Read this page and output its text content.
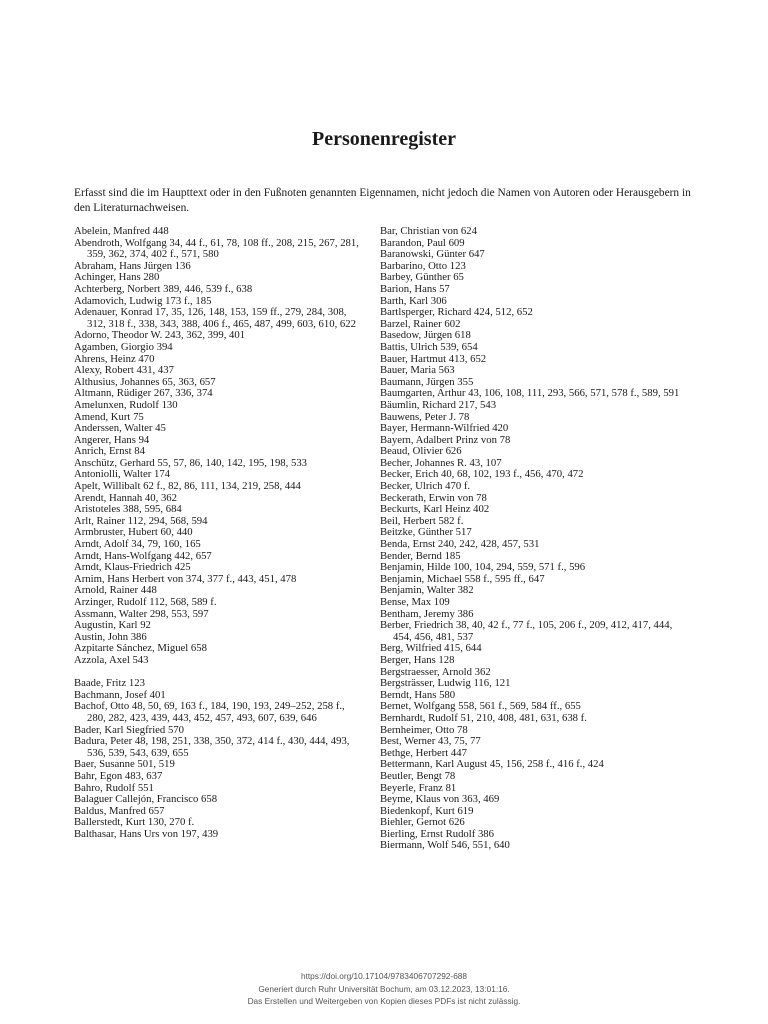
Personenregister

Erfasst sind die im Haupttext oder in den Fußnoten genannten Eigennamen, nicht jedoch die Namen von Autoren oder Herausgebern in den Literaturnachweisen.

Abelein, Manfred 448
Abendroth, Wolfgang 34, 44 f., 61, 78, 108 ff., 208, 215, 267, 281, 359, 362, 374, 402 f., 571, 580
Abraham, Hans Jürgen 136
Achinger, Hans 280
Achterberg, Norbert 389, 446, 539 f., 638
Adamovich, Ludwig 173 f., 185
Adenauer, Konrad 17, 35, 126, 148, 153, 159 ff., 279, 284, 308, 312, 318 f., 338, 343, 388, 406 f., 465, 487, 499, 603, 610, 622
Adorno, Theodor W. 243, 362, 399, 401
Agamben, Giorgio 394
Ahrens, Heinz 470
Alexy, Robert 431, 437
Althusius, Johannes 65, 363, 657
Altmann, Rüdiger 267, 336, 374
Amelunxen, Rudolf 130
Amend, Kurt 75
Anderssen, Walter 45
Angerer, Hans 94
Anrich, Ernst 84
Anschütz, Gerhard 55, 57, 86, 140, 142, 195, 198, 533
Antoniolli, Walter 174
Apelt, Willibalt 62 f., 82, 86, 111, 134, 219, 258, 444
Arendt, Hannah 40, 362
Aristoteles 388, 595, 684
Arlt, Rainer 112, 294, 568, 594
Armbruster, Hubert 60, 440
Arndt, Adolf 34, 79, 160, 165
Arndt, Hans-Wolfgang 442, 657
Arndt, Klaus-Friedrich 425
Arnim, Hans Herbert von 374, 377 f., 443, 451, 478
Arnold, Rainer 448
Arzinger, Rudolf 112, 568, 589 f.
Assmann, Walter 298, 553, 597
Augustin, Karl 92
Austin, John 386
Azpitarte Sánchez, Miguel 658
Azzola, Axel 543
Baade, Fritz 123
Bachmann, Josef 401
Bachof, Otto 48, 50, 69, 163 f., 184, 190, 193, 249–252, 258 f., 280, 282, 423, 439, 443, 452, 457, 493, 607, 639, 646
Bader, Karl Siegfried 570
Badura, Peter 48, 198, 251, 338, 350, 372, 414 f., 430, 444, 493, 536, 539, 543, 639, 655
Baer, Susanne 501, 519
Bahr, Egon 483, 637
Bahro, Rudolf 551
Balaguer Callejón, Francisco 658
Baldus, Manfred 657
Ballerstedt, Kurt 130, 270 f.
Balthasar, Hans Urs von 197, 439
Bar, Christian von 624
Barandon, Paul 609
Baranowski, Günter 647
Barbarino, Otto 123
Barbey, Günther 65
Barion, Hans 57
Barth, Karl 306
Bartlsperger, Richard 424, 512, 652
Barzel, Rainer 602
Basedow, Jürgen 618
Battis, Ulrich 539, 654
Bauer, Hartmut 413, 652
Bauer, Maria 563
Baumann, Jürgen 355
Baumgarten, Arthur 43, 106, 108, 111, 293, 566, 571, 578 f., 589, 591
Bäumlin, Richard 217, 543
Bauwens, Peter J. 78
Bayer, Hermann-Wilfried 420
Bayern, Adalbert Prinz von 78
Beaud, Olivier 626
Becher, Johannes R. 43, 107
Becker, Erich 40, 68, 102, 193 f., 456, 470, 472
Becker, Ulrich 470 f.
Beckerath, Erwin von 78
Beckurts, Karl Heinz 402
Beil, Herbert 582 f.
Beitzke, Günther 517
Benda, Ernst 240, 242, 428, 457, 531
Bender, Bernd 185
Benjamin, Hilde 100, 104, 294, 559, 571 f., 596
Benjamin, Michael 558 f., 595 ff., 647
Benjamin, Walter 382
Bense, Max 109
Bentham, Jeremy 386
Berber, Friedrich 38, 40, 42 f., 77 f., 105, 206 f., 209, 412, 417, 444, 454, 456, 481, 537
Berg, Wilfried 415, 644
Berger, Hans 128
Bergstraesser, Arnold 362
Bergsträsser, Ludwig 116, 121
Berndt, Hans 580
Bernet, Wolfgang 558, 561 f., 569, 584 ff., 655
Bernhardt, Rudolf 51, 210, 408, 481, 631, 638 f.
Bernheimer, Otto 78
Best, Werner 43, 75, 77
Bethge, Herbert 447
Bettermann, Karl August 45, 156, 258 f., 416 f., 424
Beutler, Bengt 78
Beyerle, Franz 81
Beyme, Klaus von 363, 469
Biedenkopf, Kurt 619
Biehler, Gernot 626
Bierling, Ernst Rudolf 386
Biermann, Wolf 546, 551, 640
https://doi.org/10.17104/9783406707292-688
Generiert durch Ruhr Universität Bochum, am 03.12.2023, 13:01:16.
Das Erstellen und Weitergeben von Kopien dieses PDFs ist nicht zulässig.
